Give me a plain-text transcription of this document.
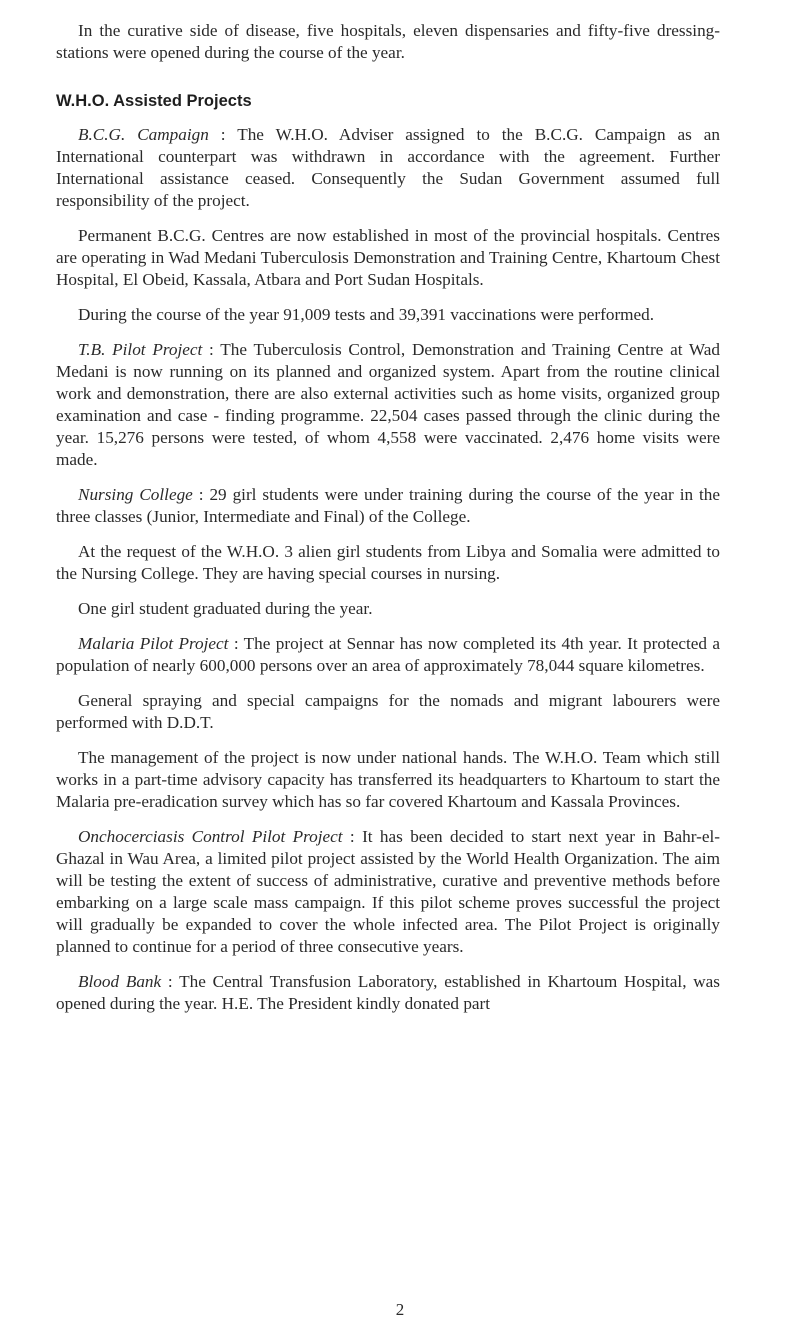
In the curative side of disease, five hospitals, eleven dispensaries and fifty-five dressing-stations were opened during the course of the year.

W.H.O. Assisted Projects

B.C.G. Campaign : The W.H.O. Adviser assigned to the B.C.G. Campaign as an International counterpart was withdrawn in accordance with the agreement. Further International assistance ceased. Consequently the Sudan Government assumed full responsibility of the project.

Permanent B.C.G. Centres are now established in most of the provincial hospitals. Centres are operating in Wad Medani Tuberculosis Demonstration and Training Centre, Khartoum Chest Hospital, El Obeid, Kassala, Atbara and Port Sudan Hospitals.

During the course of the year 91,009 tests and 39,391 vaccinations were performed.

T.B. Pilot Project : The Tuberculosis Control, Demonstration and Training Centre at Wad Medani is now running on its planned and organized system. Apart from the routine clinical work and demonstration, there are also external activities such as home visits, organized group examination and case - finding programme. 22,504 cases passed through the clinic during the year. 15,276 persons were tested, of whom 4,558 were vaccinated. 2,476 home visits were made.

Nursing College : 29 girl students were under training during the course of the year in the three classes (Junior, Intermediate and Final) of the College.

At the request of the W.H.O. 3 alien girl students from Libya and Somalia were admitted to the Nursing College. They are having special courses in nursing.

One girl student graduated during the year.

Malaria Pilot Project : The project at Sennar has now completed its 4th year. It protected a population of nearly 600,000 persons over an area of approximately 78,044 square kilometres.

General spraying and special campaigns for the nomads and migrant labourers were performed with D.D.T.

The management of the project is now under national hands. The W.H.O. Team which still works in a part-time advisory capacity has transferred its headquarters to Khartoum to start the Malaria pre-eradication survey which has so far covered Khartoum and Kassala Provinces.

Onchocerciasis Control Pilot Project : It has been decided to start next year in Bahr-el-Ghazal in Wau Area, a limited pilot project assisted by the World Health Organization. The aim will be testing the extent of success of administrative, curative and preventive methods before embarking on a large scale mass campaign. If this pilot scheme proves successful the project will gradually be expanded to cover the whole infected area. The Pilot Project is originally planned to continue for a period of three consecutive years.

Blood Bank : The Central Transfusion Laboratory, established in Khartoum Hospital, was opened during the year. H.E. The President kindly donated part

2
